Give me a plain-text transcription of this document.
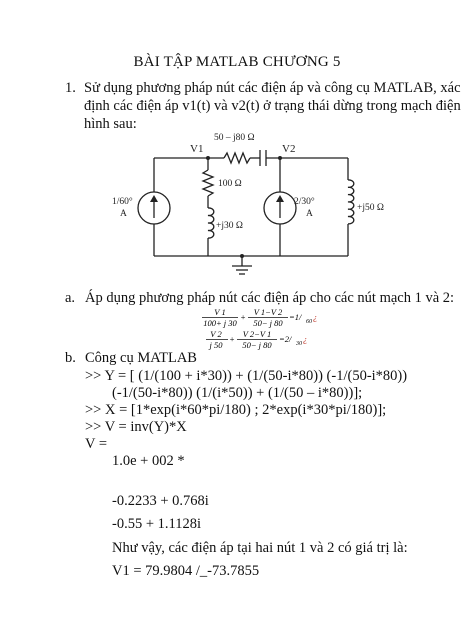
BÀI TẬP MATLAB CHƯƠNG 5
1. Sử dụng phương pháp nút các điện áp và công cụ MATLAB, xác
định các điện áp v1(t) và v2(t) ở trạng thái dừng trong mạch điện
hình sau:
V1	V2
50 – j80 Ω
100 Ω
+j30 Ω
+j50 Ω
1/60°
A
2/30°
A
a. Áp dụng phương pháp nút các điện áp cho các nút mạch 1 và 2:
V 1
100+ j 30
+ V 1−V 2
50− j 80
=1/ 60 ¿
V 2
j 50
+ V 2−V 1
50− j 80
=2/ 30 ¿
b. Công cụ MATLAB
>> Y = [ (1/(100 + i*30)) + (1/(50-i*80)) (-1/(50-i*80))
(-1/(50-i*80)) (1/(i*50)) + (1/(50 – i*80))];
>> X = [1*exp(i*60*pi/180) ; 2*exp(i*30*pi/180)];
>> V = inv(Y)*X
V =
1.0e + 002 *
-0.2233 + 0.768i
-0.55 + 1.1128i
Như vậy, các điện áp tại hai nút 1 và 2 có giá trị là:
V1 = 79.9804 /_-73.7855
